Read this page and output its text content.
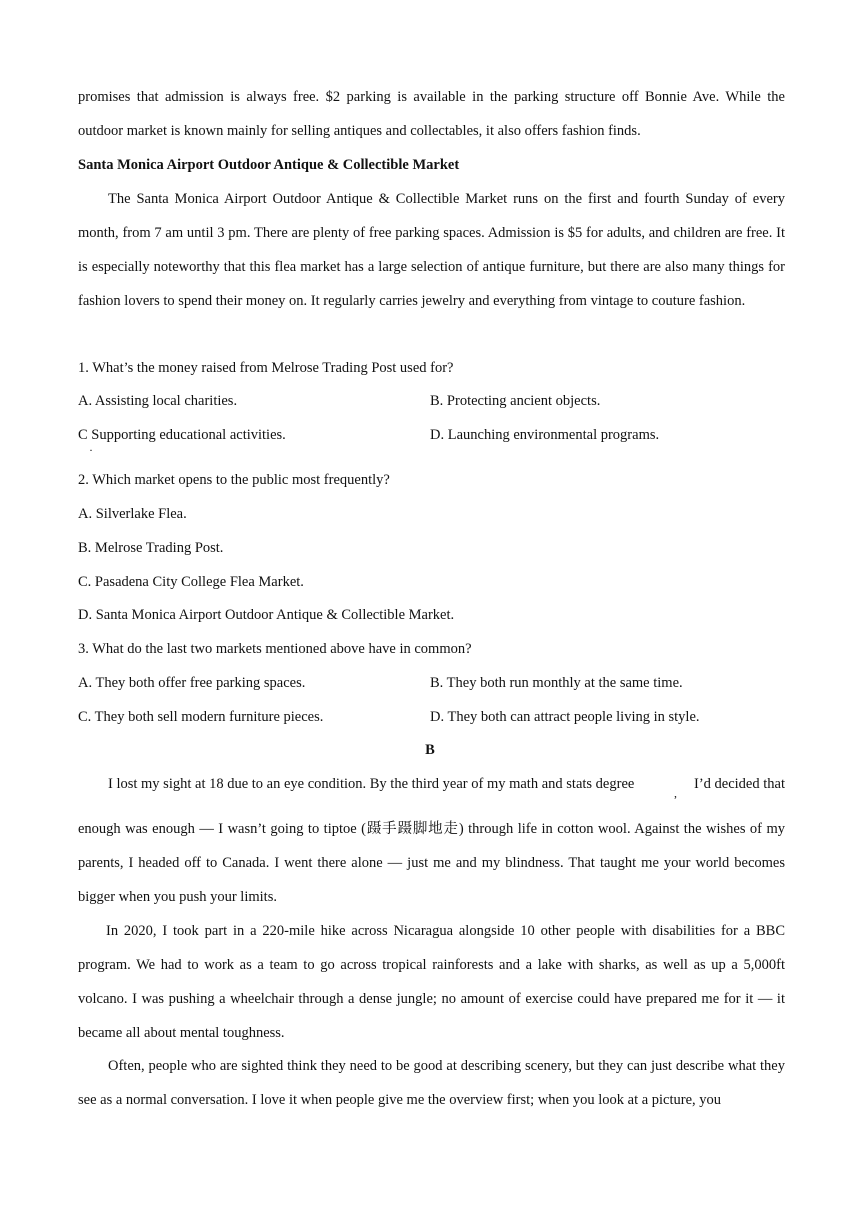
promises that admission is always free. $2 parking is available in the parking structure off Bonnie Ave. While the
outdoor market is known mainly for selling antiques and collectables, it also offers fashion finds.
Santa Monica Airport Outdoor Antique & Collectible Market

The Santa Monica Airport Outdoor Antique & Collectible Market runs on the first and fourth Sunday of every month, from 7 am until 3 pm. There are plenty of free parking spaces. Admission is $5 for adults, and children are free. It is especially noteworthy that this flea market has a large selection of antique furniture, but there are also many things for fashion lovers to spend their money on. It regularly carries jewelry and everything from vintage to couture fashion.

1. What’s the money raised from Melrose Trading Post used for?
A. Assisting local charities.	B. Protecting ancient objects.
C Supporting educational activities.
·
D. Launching environmental programs.
2. Which market opens to the public most frequently?
A. Silverlake Flea.
B. Melrose Trading Post.
C. Pasadena City College Flea Market.
D. Santa Monica Airport Outdoor Antique & Collectible Market.
3. What do the last two markets mentioned above have in common?
A. They both offer free parking spaces.	B. They both run monthly at the same time.
C. They both sell modern furniture pieces.	D. They both can attract people living in style.
B
I lost my sight at 18 due to an eye condition. By the third year of my math and stats degree
,
I’d decided that

enough was enough — I wasn’t going to tiptoe (蹑手蹑脚地走) through life in cotton wool. Against the wishes of my parents, I headed off to Canada. I went there alone — just me and my blindness. That taught me your world becomes bigger when you push your limits.

In 2020, I took part in a 220-mile hike across Nicaragua alongside 10 other people with disabilities for a BBC program. We had to work as a team to go across tropical rainforests and a lake with sharks, as well as up a 5,000ft volcano. I was pushing a wheelchair through a dense jungle; no amount of exercise could have prepared me for it — it became all about mental toughness.

Often, people who are sighted think they need to be good at describing scenery, but they can just describe what they see as a normal conversation. I love it when people give me the overview first; when you look at a picture, you
